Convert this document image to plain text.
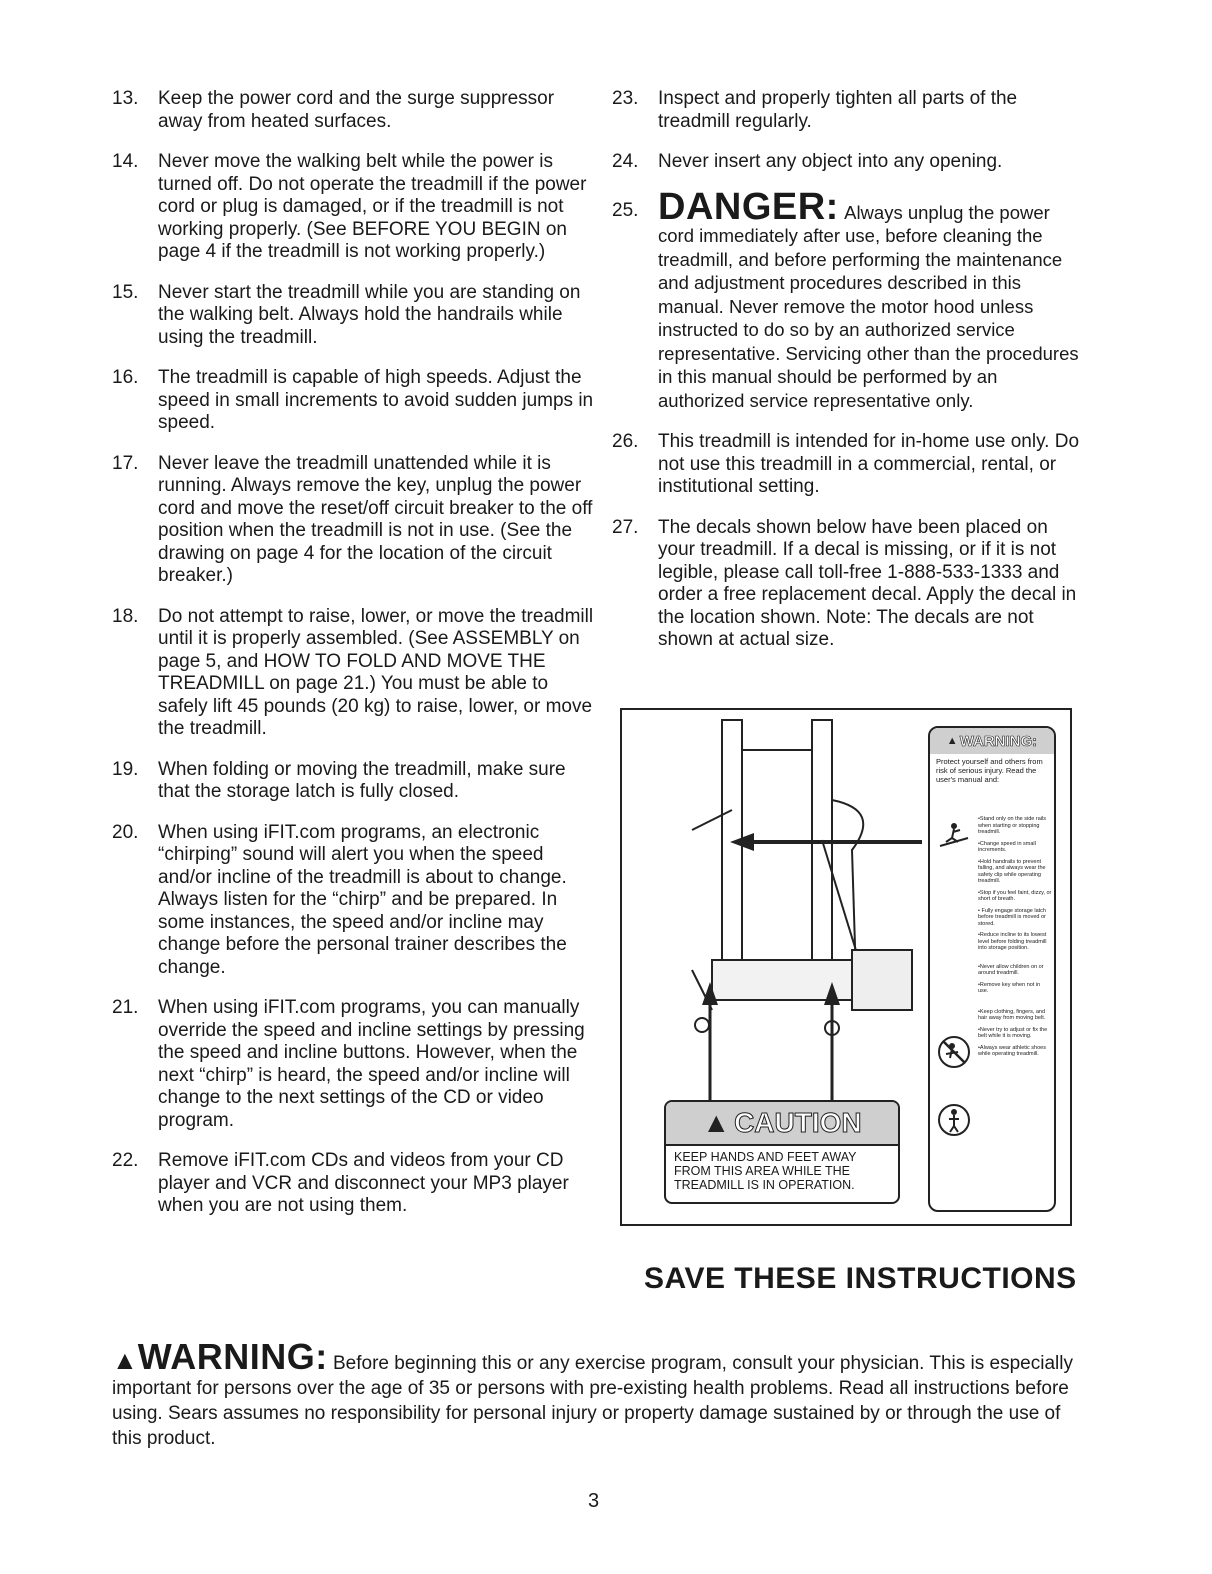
13. Keep the power cord and the surge suppressor away from heated surfaces.
14. Never move the walking belt while the power is turned off. Do not operate the treadmill if the power cord or plug is damaged, or if the treadmill is not working properly. (See BEFORE YOU BEGIN on page 4 if the treadmill is not working properly.)
15. Never start the treadmill while you are standing on the walking belt. Always hold the handrails while using the treadmill.
16. The treadmill is capable of high speeds. Adjust the speed in small increments to avoid sudden jumps in speed.
17. Never leave the treadmill unattended while it is running. Always remove the key, unplug the power cord and move the reset/off circuit breaker to the off position when the treadmill is not in use. (See the drawing on page 4 for the location of the circuit breaker.)
18. Do not attempt to raise, lower, or move the treadmill until it is properly assembled. (See ASSEMBLY on page 5, and HOW TO FOLD AND MOVE THE TREADMILL on page 21.) You must be able to safely lift 45 pounds (20 kg) to raise, lower, or move the treadmill.
19. When folding or moving the treadmill, make sure that the storage latch is fully closed.
20. When using iFIT.com programs, an electronic “chirping” sound will alert you when the speed and/or incline of the treadmill is about to change. Always listen for the “chirp” and be prepared. In some instances, the speed and/or incline may change before the personal trainer describes the change.
21. When using iFIT.com programs, you can manually override the speed and incline settings by pressing the speed and incline buttons. However, when the next “chirp” is heard, the speed and/or incline will change to the next settings of the CD or video program.
22. Remove iFIT.com CDs and videos from your CD player and VCR and disconnect your MP3 player when you are not using them.
23. Inspect and properly tighten all parts of the treadmill regularly.
24. Never insert any object into any opening.
25. DANGER: Always unplug the power cord immediately after use, before cleaning the treadmill, and before performing the maintenance and adjustment procedures described in this manual. Never remove the motor hood unless instructed to do so by an authorized service representative. Servicing other than the procedures in this manual should be performed by an authorized service representative only.
26. This treadmill is intended for in-home use only. Do not use this treadmill in a commercial, rental, or institutional setting.
27. The decals shown below have been placed on your treadmill. If a decal is missing, or if it is not legible, please call toll-free 1-888-533-1333 and order a free replacement decal. Apply the decal in the location shown. Note: The decals are not shown at actual size.
▲ CAUTION
KEEP HANDS AND FEET AWAY FROM THIS AREA WHILE THE TREADMILL IS IN OPERATION.
▲ WARNING:
Protect yourself and others from risk of serious injury. Read the user's manual and:
•Stand only on the side rails when starting or stopping treadmill.
•Change speed in small increments.
•Hold handrails to prevent falling, and always wear the safety clip while operating treadmill.
•Stop if you feel faint, dizzy, or short of breath.
• Fully engage storage latch before treadmill is moved or stored.
•Reduce incline to its lowest level before folding treadmill into storage position.
•Never allow children on or around treadmill.
•Remove key when not in use.
•Keep clothing, fingers, and hair away from moving belt.
•Never try to adjust or fix the belt while it is moving.
•Always wear athletic shoes while operating treadmill.
SAVE THESE INSTRUCTIONS
▲WARNING: Before beginning this or any exercise program, consult your physician. This is especially important for persons over the age of 35 or persons with pre-existing health problems. Read all instructions before using. Sears assumes no responsibility for personal injury or property damage sustained by or through the use of this product.
3
